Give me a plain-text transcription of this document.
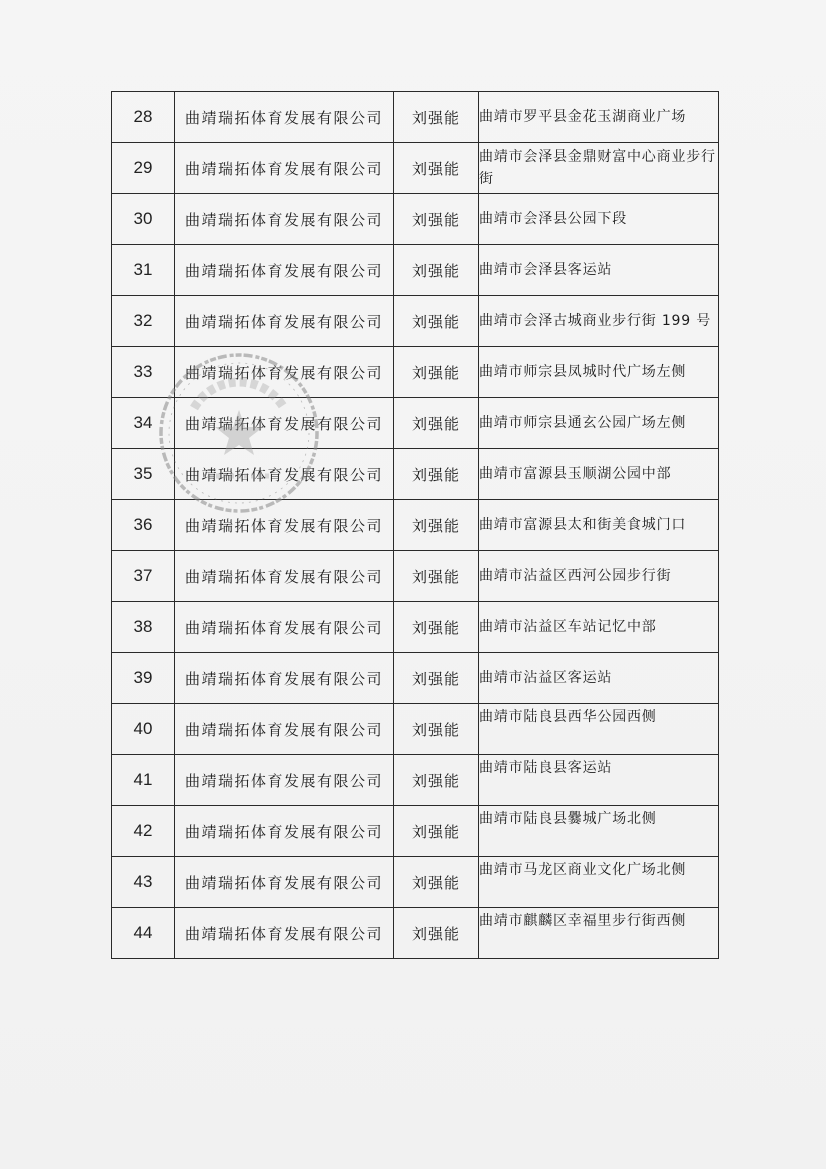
28	曲靖瑞拓体育发展有限公司	刘强能	曲靖市罗平县金花玉湖商业广场
29	曲靖瑞拓体育发展有限公司	刘强能	曲靖市会泽县金鼎财富中心商业步行街
30	曲靖瑞拓体育发展有限公司	刘强能	曲靖市会泽县公园下段
31	曲靖瑞拓体育发展有限公司	刘强能	曲靖市会泽县客运站
32	曲靖瑞拓体育发展有限公司	刘强能	曲靖市会泽古城商业步行街 199 号
33	曲靖瑞拓体育发展有限公司	刘强能	曲靖市师宗县凤城时代广场左侧
34	曲靖瑞拓体育发展有限公司	刘强能	曲靖市师宗县通玄公园广场左侧
35	曲靖瑞拓体育发展有限公司	刘强能	曲靖市富源县玉顺湖公园中部
36	曲靖瑞拓体育发展有限公司	刘强能	曲靖市富源县太和街美食城门口
37	曲靖瑞拓体育发展有限公司	刘强能	曲靖市沾益区西河公园步行街
38	曲靖瑞拓体育发展有限公司	刘强能	曲靖市沾益区车站记忆中部
39	曲靖瑞拓体育发展有限公司	刘强能	曲靖市沾益区客运站
40	曲靖瑞拓体育发展有限公司	刘强能	曲靖市陆良县西华公园西侧
41	曲靖瑞拓体育发展有限公司	刘强能	曲靖市陆良县客运站
42	曲靖瑞拓体育发展有限公司	刘强能	曲靖市陆良县爨城广场北侧
43	曲靖瑞拓体育发展有限公司	刘强能	曲靖市马龙区商业文化广场北侧
44	曲靖瑞拓体育发展有限公司	刘强能	曲靖市麒麟区幸福里步行街西侧
